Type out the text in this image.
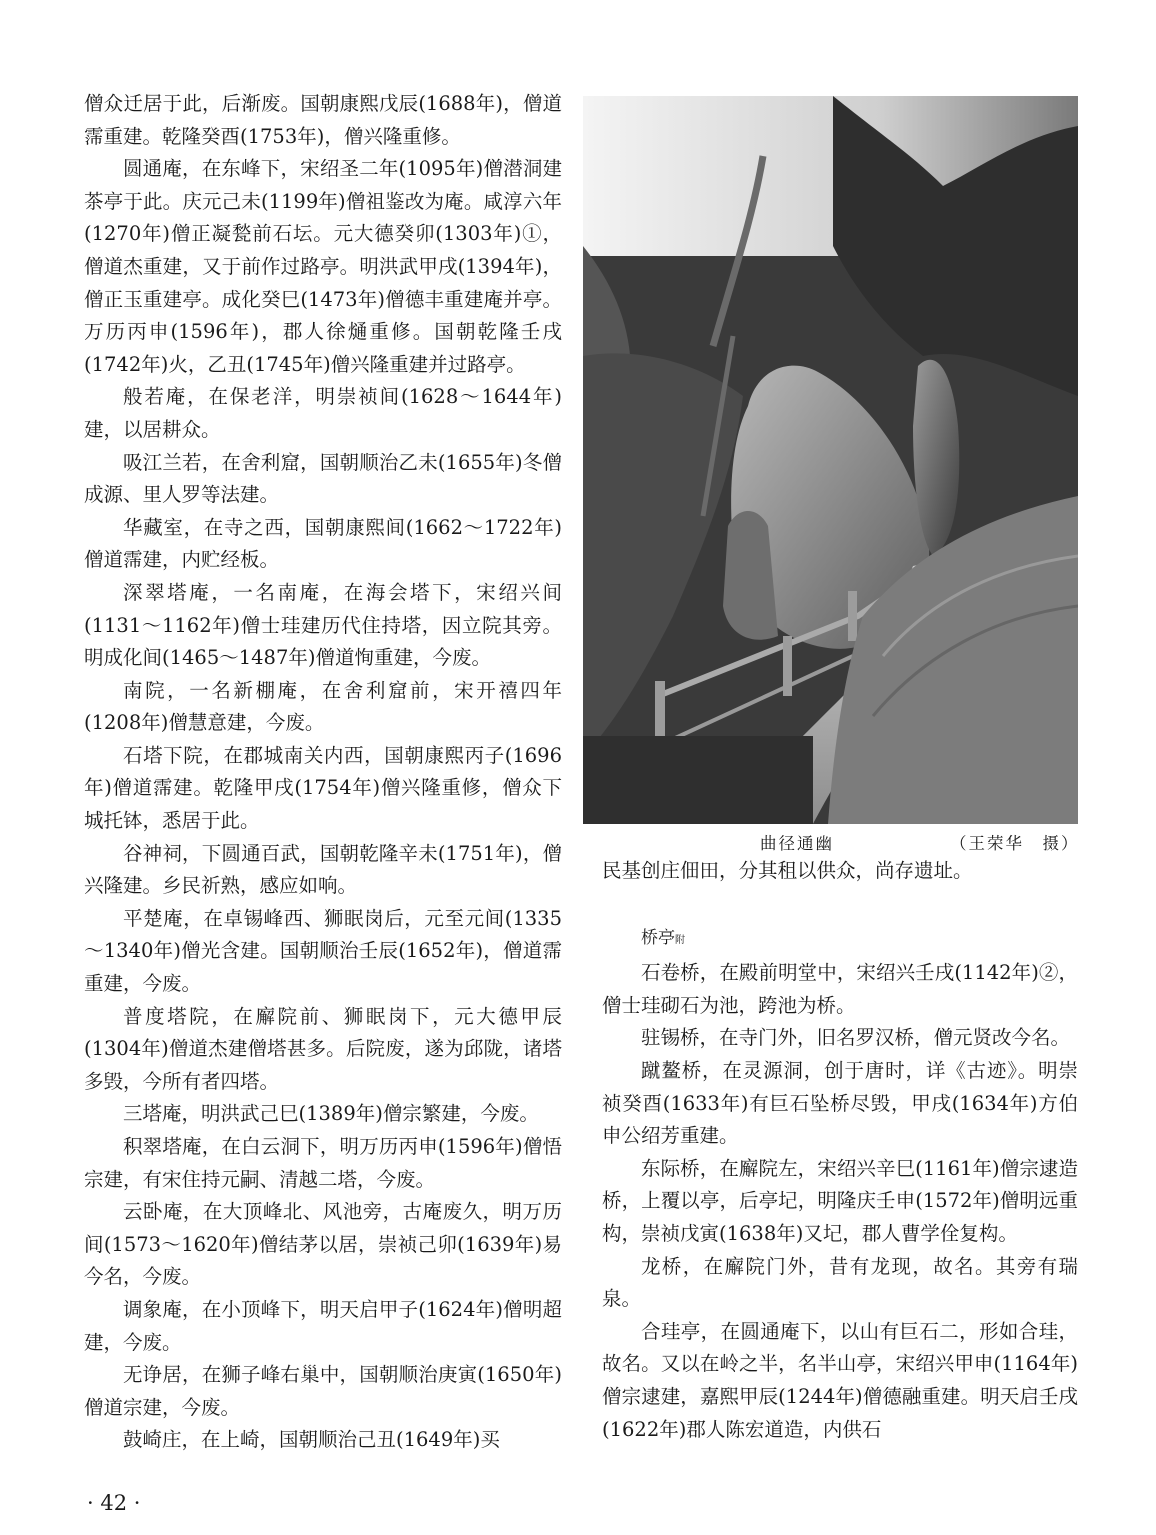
僧众迁居于此，后渐废。国朝康熙戊辰(1688年)，僧道霈重建。乾隆癸酉(1753年)，僧兴隆重修。

圆通庵，在东峰下，宋绍圣二年(1095年)僧潜洞建茶亭于此。庆元己未(1199年)僧祖鉴改为庵。咸淳六年(1270年)僧正凝甃前石坛。元大德癸卯(1303年)①，僧道杰重建，又于前作过路亭。明洪武甲戌(1394年)，僧正玉重建亭。成化癸巳(1473年)僧德丰重建庵并亭。万历丙申(1596年)，郡人徐熥重修。国朝乾隆壬戌(1742年)火，乙丑(1745年)僧兴隆重建并过路亭。

般若庵，在保老洋，明崇祯间(1628～1644年)建，以居耕众。

吸江兰若，在舍利窟，国朝顺治乙未(1655年)冬僧成源、里人罗等法建。

华藏室，在寺之西，国朝康熙间(1662～1722年)僧道霈建，内贮经板。

深翠塔庵，一名南庵，在海会塔下，宋绍兴间(1131～1162年)僧士珪建历代住持塔，因立院其旁。明成化间(1465～1487年)僧道恂重建，今废。

南院，一名新棚庵，在舍利窟前，宋开禧四年(1208年)僧慧意建，今废。

石塔下院，在郡城南关内西，国朝康熙丙子(1696年)僧道霈建。乾隆甲戌(1754年)僧兴隆重修，僧众下城托钵，悉居于此。

谷神祠，下圆通百武，国朝乾隆辛未(1751年)，僧兴隆建。乡民祈熟，感应如响。

平楚庵，在卓锡峰西、狮眠岗后，元至元间(1335～1340年)僧光含建。国朝顺治壬辰(1652年)，僧道霈重建，今废。

普度塔院，在廨院前、狮眠岗下，元大德甲辰(1304年)僧道杰建僧塔甚多。后院废，遂为邱陇，诸塔多毁，今所有者四塔。

三塔庵，明洪武己巳(1389年)僧宗繁建，今废。

积翠塔庵，在白云洞下，明万历丙申(1596年)僧悟宗建，有宋住持元嗣、清越二塔，今废。

云卧庵，在大顶峰北、风池旁，古庵废久，明万历间(1573～1620年)僧结茅以居，崇祯己卯(1639年)易今名，今废。

调象庵，在小顶峰下，明天启甲子(1624年)僧明超建，今废。

无诤居，在狮子峰右巢中，国朝顺治庚寅(1650年)僧道宗建，今废。

鼓崎庄，在上崎，国朝顺治己丑(1649年)买

曲径通幽	（王荣华　摄）

民基创庄佃田，分其租以供众，尚存遗址。

桥亭附

石卷桥，在殿前明堂中，宋绍兴壬戌(1142年)②，僧士珪砌石为池，跨池为桥。

驻锡桥，在寺门外，旧名罗汉桥，僧元贤改今名。

蹴鳌桥，在灵源洞，创于唐时，详《古迹》。明崇祯癸酉(1633年)有巨石坠桥尽毁，甲戌(1634年)方伯申公绍芳重建。

东际桥，在廨院左，宋绍兴辛巳(1161年)僧宗逮造桥，上覆以亭，后亭圮，明隆庆壬申(1572年)僧明远重构，崇祯戊寅(1638年)又圮，郡人曹学佺复构。

龙桥，在廨院门外，昔有龙现，故名。其旁有瑞泉。

合珪亭，在圆通庵下，以山有巨石二，形如合珪，故名。又以在岭之半，名半山亭，宋绍兴甲申(1164年)僧宗逮建，嘉熙甲辰(1244年)僧德融重建。明天启壬戌(1622年)郡人陈宏道造，内供石

· 42 ·
